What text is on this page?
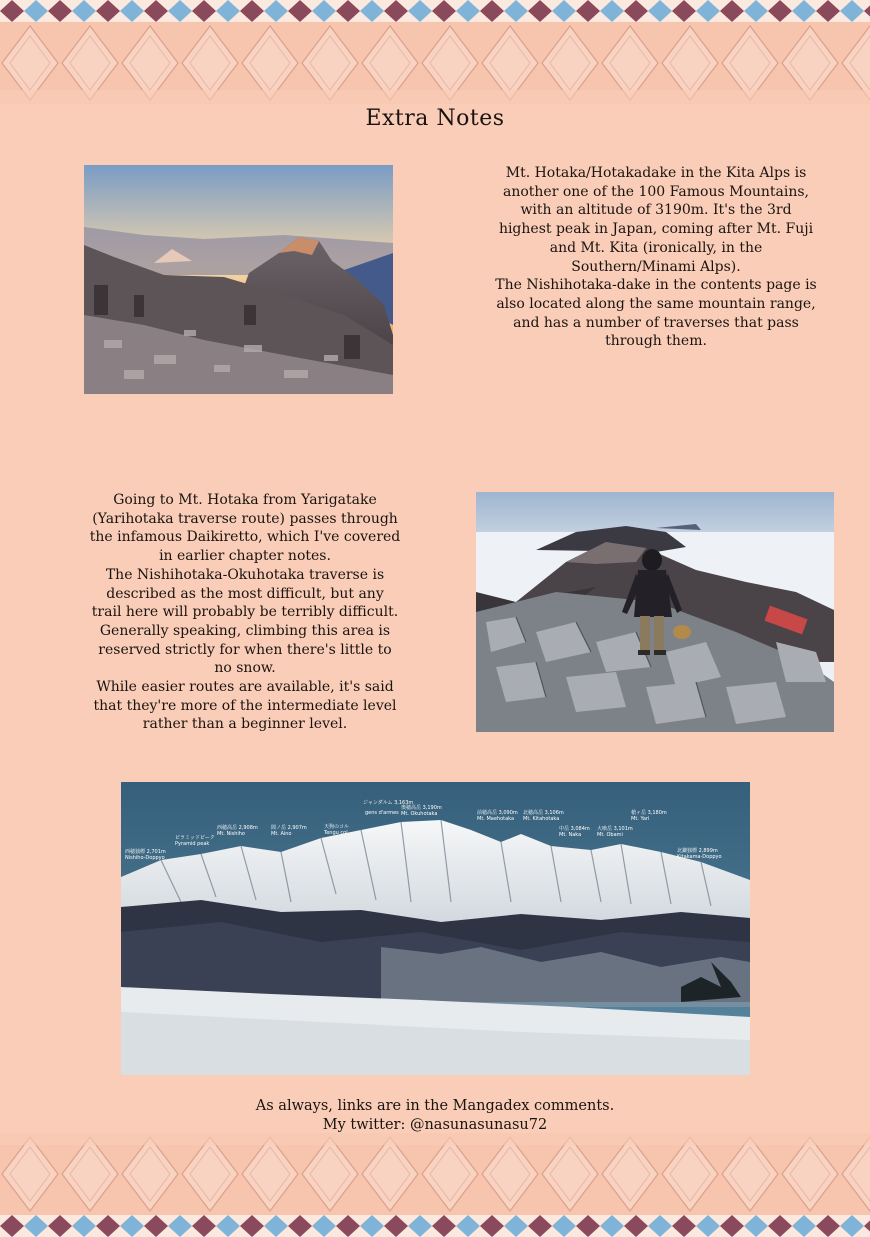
Extra Notes
Mt. Hotaka/Hotakadake in the Kita Alps is
another one of the 100 Famous Mountains,
with an altitude of 3190m. It's the 3rd
highest peak in Japan, coming after Mt. Fuji
and Mt. Kita (ironically, in the
Southern/Minami Alps).
The Nishihotaka-dake in the contents page is
also located along the same mountain range,
and has a number of traverses that pass
through them.
Going to Mt. Hotaka from Yarigatake
(Yarihotaka traverse route) passes through
the infamous Daikiretto, which I've covered
in earlier chapter notes.
The Nishihotaka-Okuhotaka traverse is
described as the most difficult, but any
trail here will probably be terribly difficult.
Generally speaking, climbing this area is
reserved strictly for when there's little to
no snow.
While easier routes are available, it's said
that they're more of the intermediate level
rather than a beginner level.
西穂独標 2,701m
Nishiho-Doppyo
ピラミッドピーク
Pyramid peak
西穂高岳 2,908m
Mt. Nishiho
間ノ岳 2,907m
Mt. Aino
天狗のコル
Tengu col
ジャンダルム 3,163m
gens d'armes
奥穂高岳 3,190m
Mt. Okuhotaka	前穂高岳 3,090m
Mt. Maehotaka
北穂高岳 3,106m
Mt. Kitahotaka
中岳 3,084m
Mt. Naka
大喰岳 3,101m
Mt. Obami
槍ヶ岳 3,180m
Mt. Yari
北鎌独標 2,899m
Kitakama-Doppyo
As always, links are in the Mangadex comments.
My twitter: @nasunasunasu72
